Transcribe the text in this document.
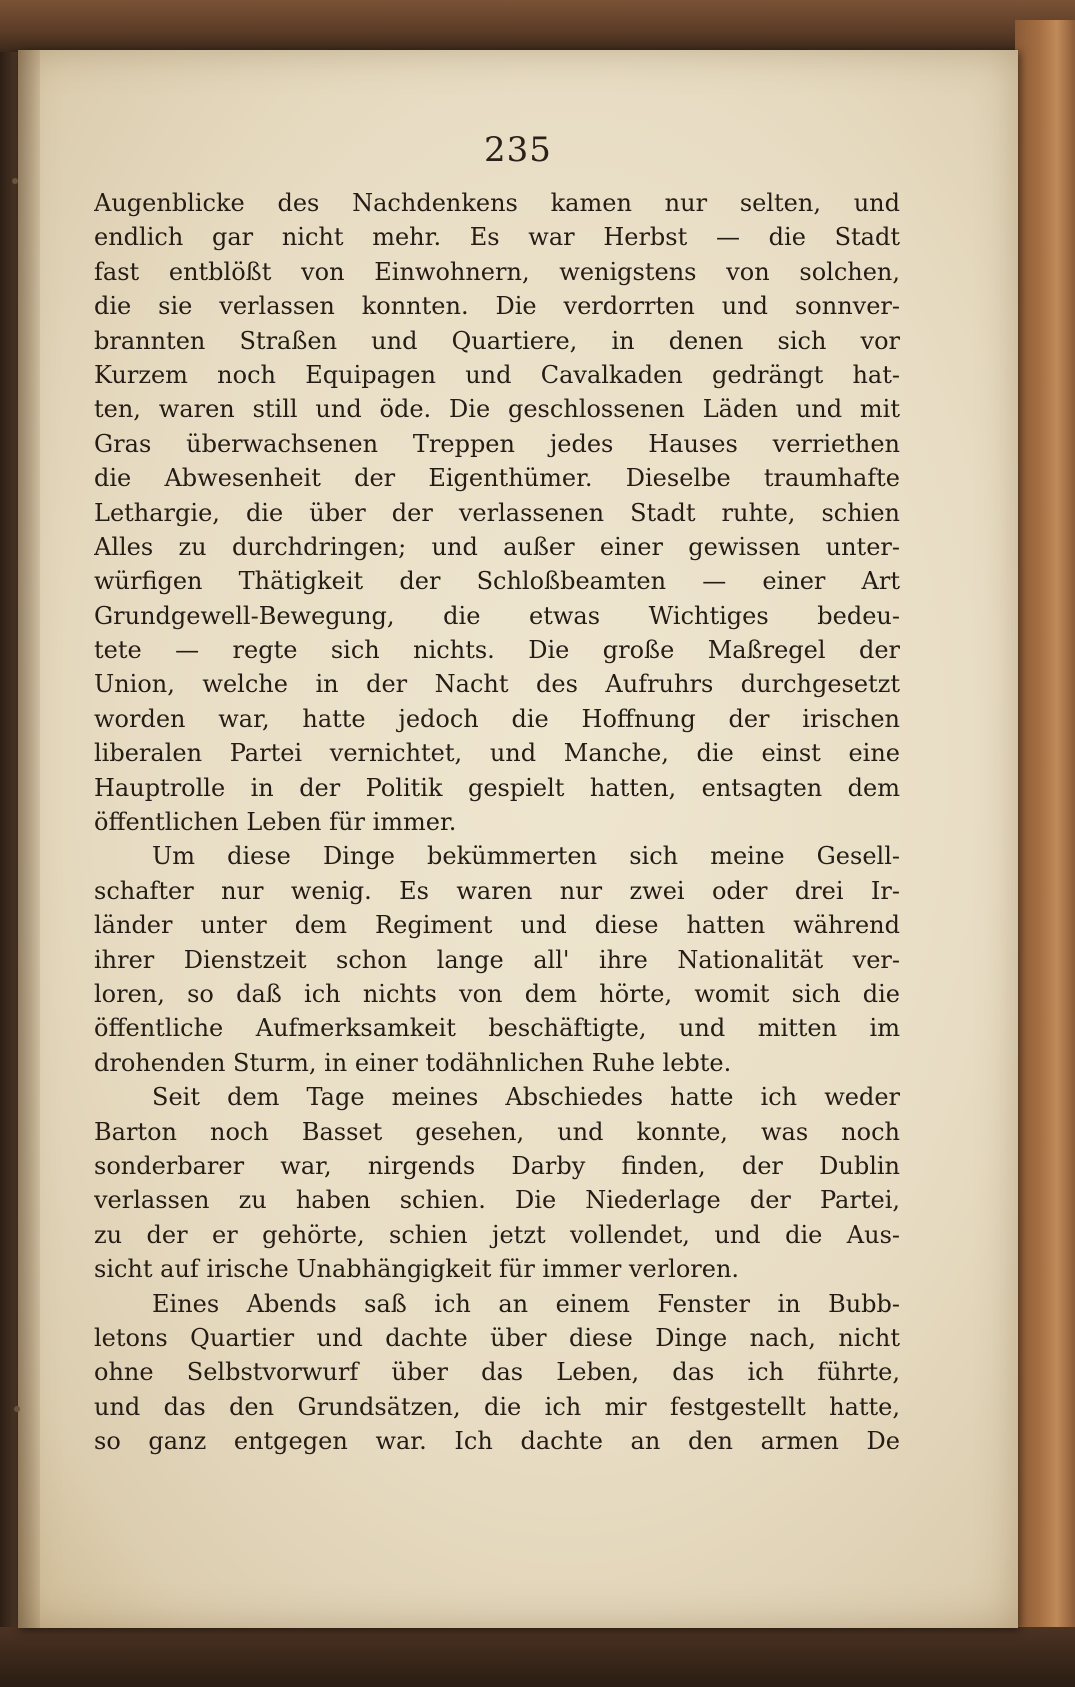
235
Augenblicke des Nachdenkens kamen nur selten, und
endlich gar nicht mehr. Es war Herbst — die Stadt
fast entblößt von Einwohnern, wenigstens von solchen,
die sie verlassen konnten. Die verdorrten und sonnver-
brannten Straßen und Quartiere, in denen sich vor
Kurzem noch Equipagen und Cavalkaden gedrängt hat-
ten, waren still und öde. Die geschlossenen Läden und mit
Gras überwachsenen Treppen jedes Hauses verriethen
die Abwesenheit der Eigenthümer. Dieselbe traumhafte
Lethargie, die über der verlassenen Stadt ruhte, schien
Alles zu durchdringen; und außer einer gewissen unter-
würfigen Thätigkeit der Schloßbeamten — einer Art
Grundgewell-Bewegung, die etwas Wichtiges bedeu-
tete — regte sich nichts. Die große Maßregel der
Union, welche in der Nacht des Aufruhrs durchgesetzt
worden war, hatte jedoch die Hoffnung der irischen
liberalen Partei vernichtet, und Manche, die einst eine
Hauptrolle in der Politik gespielt hatten, entsagten dem
öffentlichen Leben für immer.
Um diese Dinge bekümmerten sich meine Gesell-
schafter nur wenig. Es waren nur zwei oder drei Ir-
länder unter dem Regiment und diese hatten während
ihrer Dienstzeit schon lange all' ihre Nationalität ver-
loren, so daß ich nichts von dem hörte, womit sich die
öffentliche Aufmerksamkeit beschäftigte, und mitten im
drohenden Sturm, in einer todähnlichen Ruhe lebte.
Seit dem Tage meines Abschiedes hatte ich weder
Barton noch Basset gesehen, und konnte, was noch
sonderbarer war, nirgends Darby finden, der Dublin
verlassen zu haben schien. Die Niederlage der Partei,
zu der er gehörte, schien jetzt vollendet, und die Aus-
sicht auf irische Unabhängigkeit für immer verloren.
Eines Abends saß ich an einem Fenster in Bubb-
letons Quartier und dachte über diese Dinge nach, nicht
ohne Selbstvorwurf über das Leben, das ich führte,
und das den Grundsätzen, die ich mir festgestellt hatte,
so ganz entgegen war. Ich dachte an den armen De
